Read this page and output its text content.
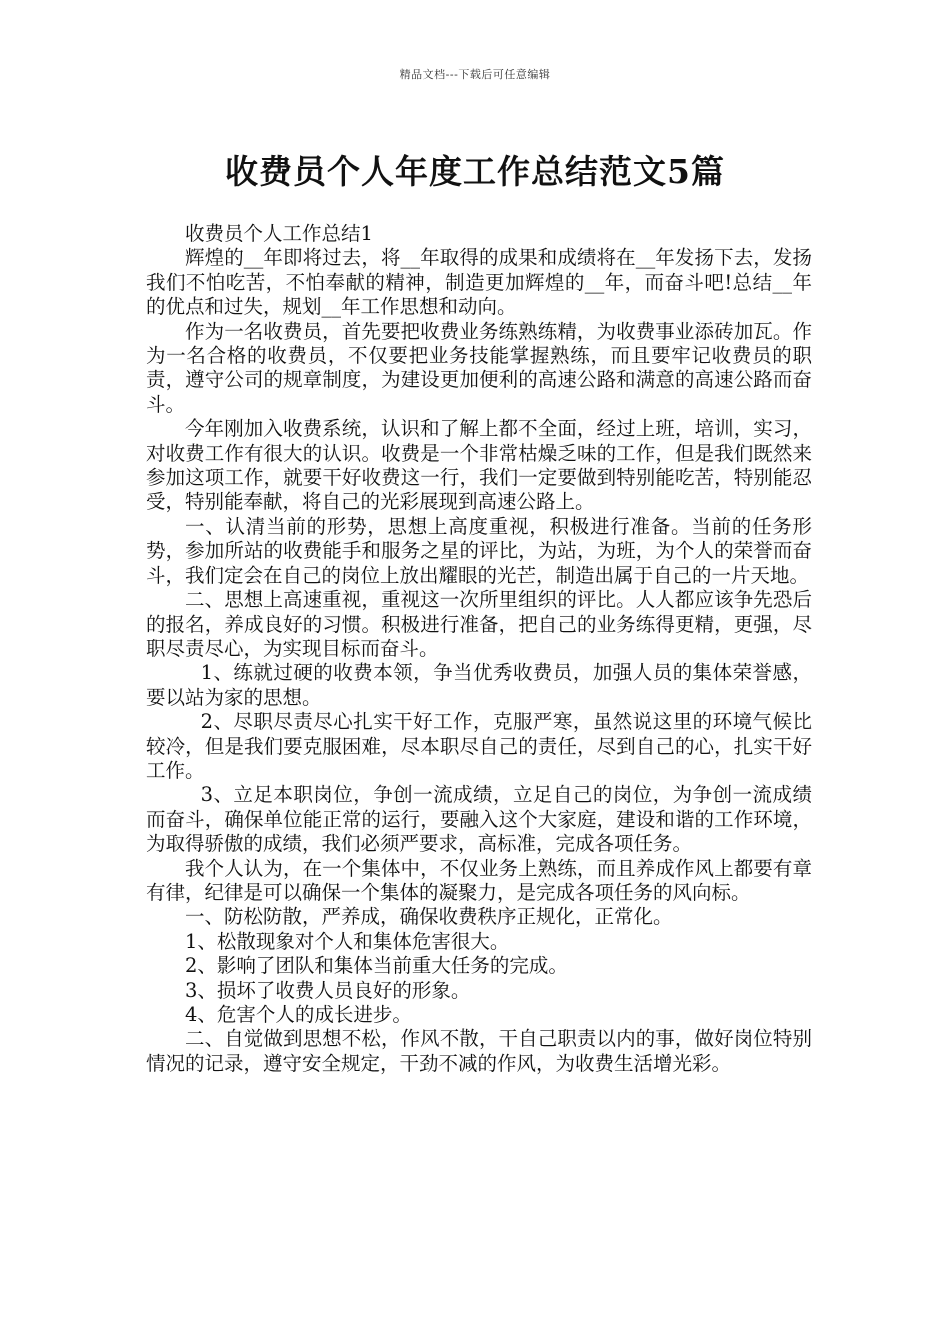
精品文档---下载后可任意编辑
收费员个人年度工作总结范文5篇

收费员个人工作总结1

辉煌的__年即将过去，将__年取得的成果和成绩将在__年发扬下去，发扬我们不怕吃苦，不怕奉献的精神，制造更加辉煌的__年，而奋斗吧!总结__年的优点和过失，规划__年工作思想和动向。

作为一名收费员，首先要把收费业务练熟练精，为收费事业添砖加瓦。作为一名合格的收费员，不仅要把业务技能掌握熟练，而且要牢记收费员的职责，遵守公司的规章制度，为建设更加便利的高速公路和满意的高速公路而奋斗。

今年刚加入收费系统，认识和了解上都不全面，经过上班，培训，实习，对收费工作有很大的认识。收费是一个非常枯燥乏味的工作，但是我们既然来参加这项工作，就要干好收费这一行，我们一定要做到特别能吃苦，特别能忍受，特别能奉献，将自己的光彩展现到高速公路上。

一、认清当前的形势，思想上高度重视，积极进行准备。当前的任务形势，参加所站的收费能手和服务之星的评比，为站，为班，为个人的荣誉而奋斗，我们定会在自己的岗位上放出耀眼的光芒，制造出属于自己的一片天地。

二、思想上高速重视，重视这一次所里组织的评比。人人都应该争先恐后的报名，养成良好的习惯。积极进行准备，把自己的业务练得更精，更强，尽职尽责尽心，为实现目标而奋斗。

1、练就过硬的收费本领，争当优秀收费员，加强人员的集体荣誉感，要以站为家的思想。

2、尽职尽责尽心扎实干好工作，克服严寒，虽然说这里的环境气候比较冷，但是我们要克服困难，尽本职尽自己的责任，尽到自己的心，扎实干好工作。

3、立足本职岗位，争创一流成绩，立足自己的岗位，为争创一流成绩而奋斗，确保单位能正常的运行，要融入这个大家庭，建设和谐的工作环境，为取得骄傲的成绩，我们必须严要求，高标准，完成各项任务。

我个人认为，在一个集体中，不仅业务上熟练，而且养成作风上都要有章有律，纪律是可以确保一个集体的凝聚力，是完成各项任务的风向标。

一、防松防散，严养成，确保收费秩序正规化，正常化。

1、松散现象对个人和集体危害很大。

2、影响了团队和集体当前重大任务的完成。

3、损坏了收费人员良好的形象。

4、危害个人的成长进步。

二、自觉做到思想不松，作风不散，干自己职责以内的事，做好岗位特别情况的记录，遵守安全规定，干劲不减的作风，为收费生活增光彩。
